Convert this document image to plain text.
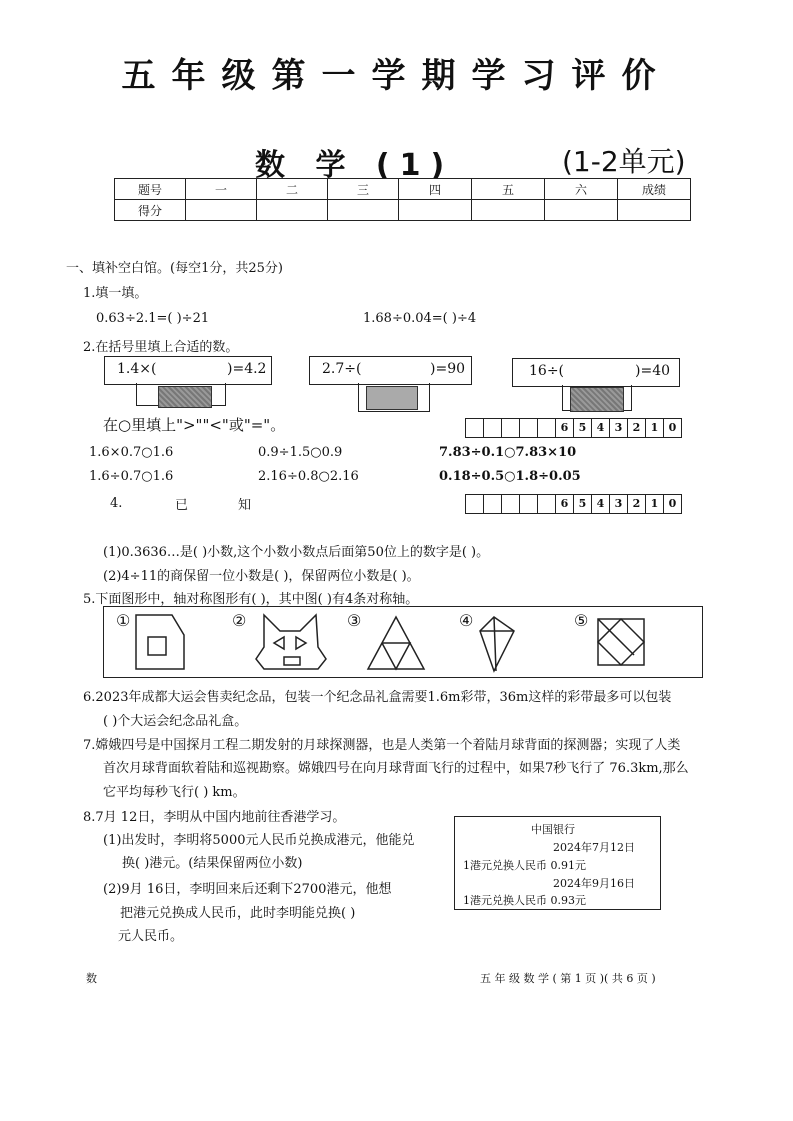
五年级第一学期学习评价
数 学 (1)	(1-2单元)
题号	一	二	三	四	五	六	成绩
得分							
一、填补空白馆。(每空1分，共25分)
1.填一填。
0.63÷2.1=( )÷21	1.68÷0.04=( )÷4
2.在括号里填上合适的数。
1.4×(	)=4.2	2.7÷(	)=90	16÷(	)=40
在○里填上">""<"或"="。	6 5 4 3 2 1 0
1.6×0.7○1.6	0.9÷1.5○0.9	7.83÷0.1○7.83×10
1.6÷0.7○1.6	2.16÷0.8○2.16	0.18÷0.5○1.8÷0.05
4.	已	知	6 5 4 3 2 1 0
(1)0.3636…是( )小数,这个小数小数点后面第50位上的数字是( )。
(2)4÷11的商保留一位小数是( )，保留两位小数是( )。
5.下面图形中，轴对称图形有( )，其中图( )有4条对称轴。
①	②	③	④	⑤
6.2023年成都大运会售卖纪念品，包装一个纪念品礼盒需要1.6m彩带，36m这样的彩带最多可以包装
( )个大运会纪念品礼盒。
7.嫦娥四号是中国探月工程二期发射的月球探测器，也是人类第一个着陆月球背面的探测器；实现了人类
首次月球背面软着陆和巡视勘察。嫦娥四号在向月球背面飞行的过程中，如果7秒飞行了 76.3km,那么
它平均每秒飞行( ) km。
8.7月 12日，李明从中国内地前往香港学习。
(1)出发时，李明将5000元人民币兑换成港元，他能兑
换( )港元。(结果保留两位小数)
(2)9月 16日，李明回来后还剩下2700港元，他想
把港元兑换成人民币，此时李明能兑换( )
元人民币。
中国银行
2024年7月12日
1港元兑换人民币 0.91元
2024年9月16日
1港元兑换人民币 0.93元
数	五 年 级 数 学 ( 第 1 页 )( 共 6 页 )
